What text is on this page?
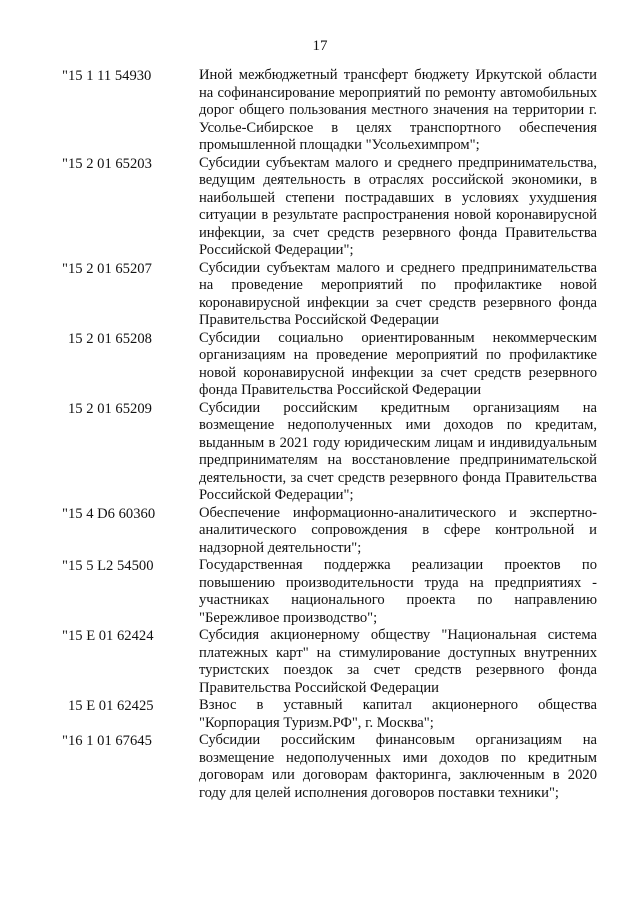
17
"15 1 11 54930	Иной межбюджетный трансферт бюджету Иркутской области на софинансирование мероприятий по ремонту автомобильных дорог общего пользования местного значения на территории г. Усолье-Сибирское в целях транспортного обеспечения промышленной площадки "Усольехимпром";
"15 2 01 65203	Субсидии субъектам малого и среднего предпринимательства, ведущим деятельность в отраслях российской экономики, в наибольшей степени пострадавших в условиях ухудшения ситуации в результате распространения новой коронавирусной инфекции, за счет средств резервного фонда Правительства Российской Федерации";
"15 2 01 65207	Субсидии субъектам малого и среднего предпринимательства на проведение мероприятий по профилактике новой коронавирусной инфекции за счет средств резервного фонда Правительства Российской Федерации
15 2 01 65208	Субсидии социально ориентированным некоммерческим организациям на проведение мероприятий по профилактике новой коронавирусной инфекции за счет средств резервного фонда Правительства Российской Федерации
15 2 01 65209	Субсидии российским кредитным организациям на возмещение недополученных ими доходов по кредитам, выданным в 2021 году юридическим лицам и индивидуальным предпринимателям на восстановление предпринимательской деятельности, за счет средств резервного фонда Правительства Российской Федерации";
"15 4 D6 60360	Обеспечение информационно-аналитического и экспертно-аналитического сопровождения в сфере контрольной и надзорной деятельности";
"15 5 L2 54500	Государственная поддержка реализации проектов по повышению производительности труда на предприятиях - участниках национального проекта по направлению "Бережливое производство";
"15 E 01 62424	Субсидия акционерному обществу "Национальная система платежных карт" на стимулирование доступных внутренних туристских поездок за счет средств резервного фонда Правительства Российской Федерации
15 E 01 62425	Взнос в уставный капитал акционерного общества "Корпорация Туризм.РФ", г. Москва";
"16 1 01 67645	Субсидии российским финансовым организациям на возмещение недополученных ими доходов по кредитным договорам или договорам факторинга, заключенным в 2020 году для целей исполнения договоров поставки техники";
